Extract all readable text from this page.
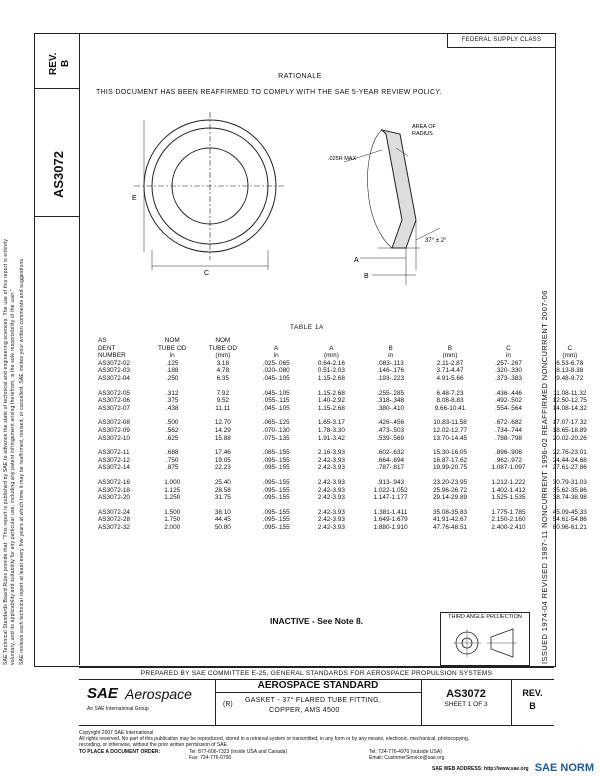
REV. B
AS3072
SAE Technical Standards Board Rules provide that: "This report is published by SAE to advance the state of technical and engineering sciences. The use of this report is entirely voluntary, and its applicability and suitability for any particular use, including any patent infringement arising therefrom, is the sole responsibility of the user." SAE reviews each technical report at least every five years at which time it may be reaffirmed, revised, or cancelled. SAE invites your written comments and suggestions.	ISSUED 1974-04 REVISED 1987-11 NONCURRENT 1996-02 REAFFIRMED NONCURRENT 2007-06
FEDERAL SUPPLY CLASS
RATIONALE
THIS DOCUMENT HAS BEEN REAFFIRMED TO COMPLY WITH THE SAE 5-YEAR REVIEW POLICY.
E
C
A
B
AREA OF
RADIUS
.025R MAX
37° ± 2°
TABLE 1A
AS	NOM	NOM						
DENT	TUBE OD	TUBE OD	A	A	B	B	C	C
NUMBER	in	(mm)	in	(mm)	in	(mm)	in	(mm)
AS3072-02	.125	3.18	.025-.065	0.64-2.16	.083-.113	2.11-2.87	.257-.267	6.53-6.78
AS3072-03	.188	4.78	.020-.080	0.51-2.03	.146-.176	3.71-4.47	.320-.330	8.13-8.38
AS3072-04	.250	6.35	.045-.105	1.15-2.68	.193-.223	4.91-5.66	.373-.383	9.48-9.72

AS3072-05	.312	7.92	.045-.105	1.15-2.68	.255-.285	6.48-7.23	.436-.446	11.08-11.32
AS3072-06	.375	9.52	.055-.115	1.40-2.92	.318-.348	8.08-8.83	.492-.502	12.50-12.75
AS3072-07	.438	11.11	.045-.105	1.15-2.68	.380-.410	9.66-10.41	.554-.564	14.08-14.32

AS3072-08	.500	12.70	.065-.125	1.65-3.17	.426-.456	10.83-11.58	.672-.682	17.07-17.32
AS3072-09	.562	14.29	.070-.130	1.78-3.30	.473-.503	12.02-12.77	.734-.744	18.65-18.89
AS3072-10	.625	15.88	.075-.135	1.91-3.42	.539-.569	13.70-14.45	.788-.798	20.02-20.26

AS3072-11	.688	17.46	.085-.155	2.16-3.93	.602-.632	15.30-16.05	.896-.906	22.76-23.01
AS3072-12	.750	19.05	.095-.155	2.42-3.93	.664-.694	16.87-17.62	.962-.972	24.44-24.68
AS3072-14	.875	22.23	.095-.155	2.42-3.93	.787-.817	19.99-20.75	1.087-1.097	27.61-27.86

AS3072-16	1.000	25.40	.095-.155	2.42-3.93	.913-.943	23.20-23.95	1.212-1.222	30.79-31.03
AS3072-18	1.125	28.58	.095-.155	2.42-3.93	1.022-1.052	25.96-26.72	1.402-1.412	35.62-35.86
AS3072-20	1.250	31.75	.095-.155	2.42-3.93	1.147-1.177	29.14-29.89	1.525-1.535	38.74-38.98

AS3072-24	1.500	38.10	.095-.155	2.42-3.93	1.381-1.411	35.08-35.83	1.775-1.785	45.09-45.33
AS3072-28	1.750	44.45	.095-.155	2.42-3.93	1.649-1.679	41.91-42.67	2.150-2.160	54.61-54.86
AS3072-32	2.000	50.80	.095-.155	2.42-3.93	1.880-1.910	47.76-48.51	2.400-2.410	60.96-61.21
INACTIVE - See Note 8.	THIRD ANGLE PROJECTION
PREPARED BY SAE COMMITTEE E-25, GENERAL STANDARDS FOR AEROSPACE PROPULSION SYSTEMS
SAE Aerospace
An SAE International Group
AEROSPACE STANDARD
(R)
GASKET - 37° FLARED TUBE FITTING,
COPPER, AMS 4500
AS3072
SHEET 1 OF 3
REV.
B
Copyright 2007 SAE International
All rights reserved. No part of this publication may be reproduced, stored in a retrieval system or transmitted, in any form or by any means, electronic, mechanical, photocopying,
recording, or otherwise, without the prior written permission of SAE.
TO PLACE A DOCUMENT ORDER:	Tel: 877-606-7323 (inside USA and Canada)
Fax: 724-776-0790
Tel: 724-776-4970 (outside USA)
Email: CustomerService@sae.org
SAE WEB ADDRESS: http://www.sae.org SAE NORM
